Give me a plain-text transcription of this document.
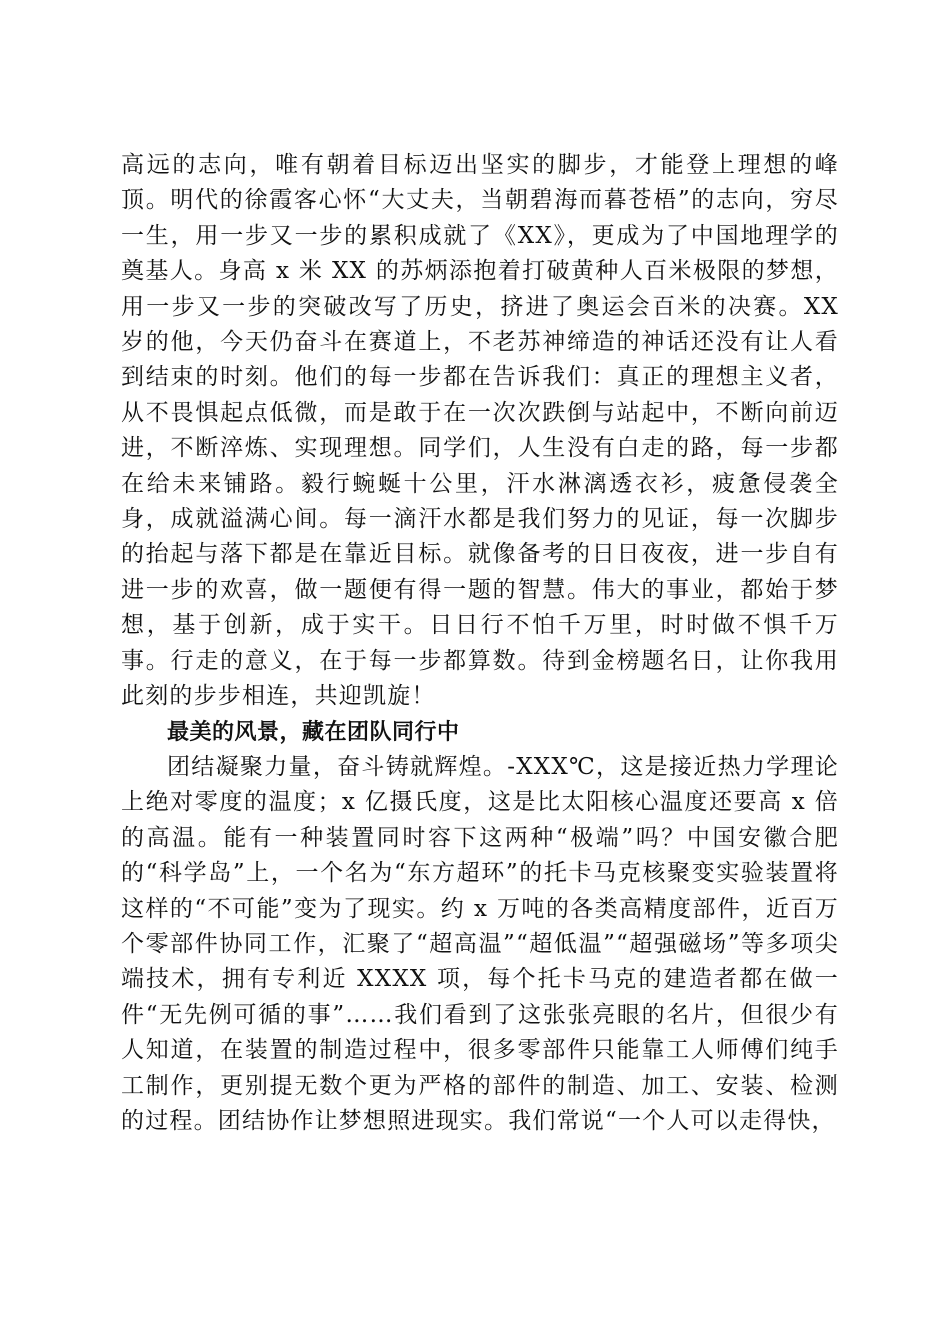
高远的志向，唯有朝着目标迈出坚实的脚步，才能登上理想的峰顶。明代的徐霞客心怀“大丈夫，当朝碧海而暮苍梧”的志向，穷尽一生，用一步又一步的累积成就了《XX》，更成为了中国地理学的奠基人。身高 x 米 XX 的苏炳添抱着打破黄种人百米极限的梦想，用一步又一步的突破改写了历史，挤进了奥运会百米的决赛。XX 岁的他，今天仍奋斗在赛道上，不老苏神缔造的神话还没有让人看到结束的时刻。他们的每一步都在告诉我们：真正的理想主义者，从不畏惧起点低微，而是敢于在一次次跌倒与站起中，不断向前迈进，不断淬炼、实现理想。同学们，人生没有白走的路，每一步都在给未来铺路。毅行蜿蜒十公里，汗水淋漓透衣衫，疲惫侵袭全身，成就溢满心间。每一滴汗水都是我们努力的见证，每一次脚步的抬起与落下都是在靠近目标。就像备考的日日夜夜，进一步自有进一步的欢喜，做一题便有得一题的智慧。伟大的事业，都始于梦想，基于创新，成于实干。日日行不怕千万里，时时做不惧千万事。行走的意义，在于每一步都算数。待到金榜题名日，让你我用此刻的步步相连，共迎凯旋！

最美的风景，藏在团队同行中

团结凝聚力量，奋斗铸就辉煌。-XXX℃，这是接近热力学理论上绝对零度的温度；x 亿摄氏度，这是比太阳核心温度还要高 x 倍的高温。能有一种装置同时容下这两种“极端”吗？中国安徽合肥的“科学岛”上，一个名为“东方超环”的托卡马克核聚变实验装置将这样的“不可能”变为了现实。约 x 万吨的各类高精度部件，近百万个零部件协同工作，汇聚了“超高温”“超低温”“超强磁场”等多项尖端技术，拥有专利近 XXXX 项，每个托卡马克的建造者都在做一件“无先例可循的事”……我们看到了这张张亮眼的名片，但很少有人知道，在装置的制造过程中，很多零部件只能靠工人师傅们纯手工制作，更别提无数个更为严格的部件的制造、加工、安装、检测的过程。团结协作让梦想照进现实。我们常说“一个人可以走得快，
